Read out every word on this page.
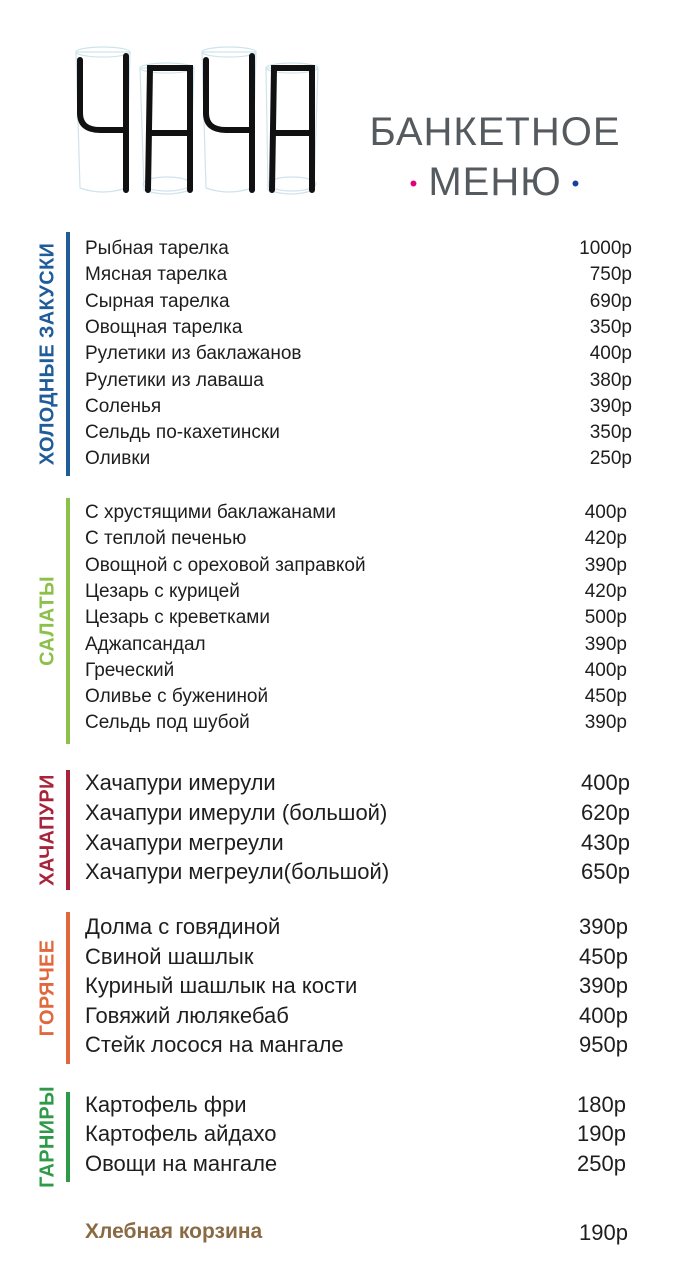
БАНКЕТНОЕ
• МЕНЮ •
ХОЛОДНЫЕ ЗАКУСКИ Рыбная тарелка	1000р
Мясная тарелка	750р
Сырная тарелка	690р
Овощная тарелка	350р
Рулетики из баклажанов	400р
Рулетики из лаваша	380р
Соленья	390р
Сельдь по-кахетински	350р
Оливки	250р
САЛАТЫ
С хрустящими баклажанами	400р
С теплой печенью	420р
Овощной с ореховой заправкой	390р
Цезарь с курицей	420р
Цезарь с креветками	500р
Аджапсандал	390р
Греческий	400р
Оливье с бужениной	450р
Сельдь под шубой	390р
ХАЧАПУРИ Хачапури имерули	400р
Хачапури имерули (большой)	620р
Хачапури мегреули	430р
Хачапури мегреули(большой)	650р
ГОРЯЧЕЕ
Долма с говядиной	390р
Свиной шашлык	450р
Куриный шашлык на кости	390р
Говяжий люлякебаб	400р
Стейк лосося на мангале	950р
ГАРНИРЫ Картофель фри	180р
Картофель айдахо	190р
Овощи на мангале	250р
Хлебная корзина	190р
